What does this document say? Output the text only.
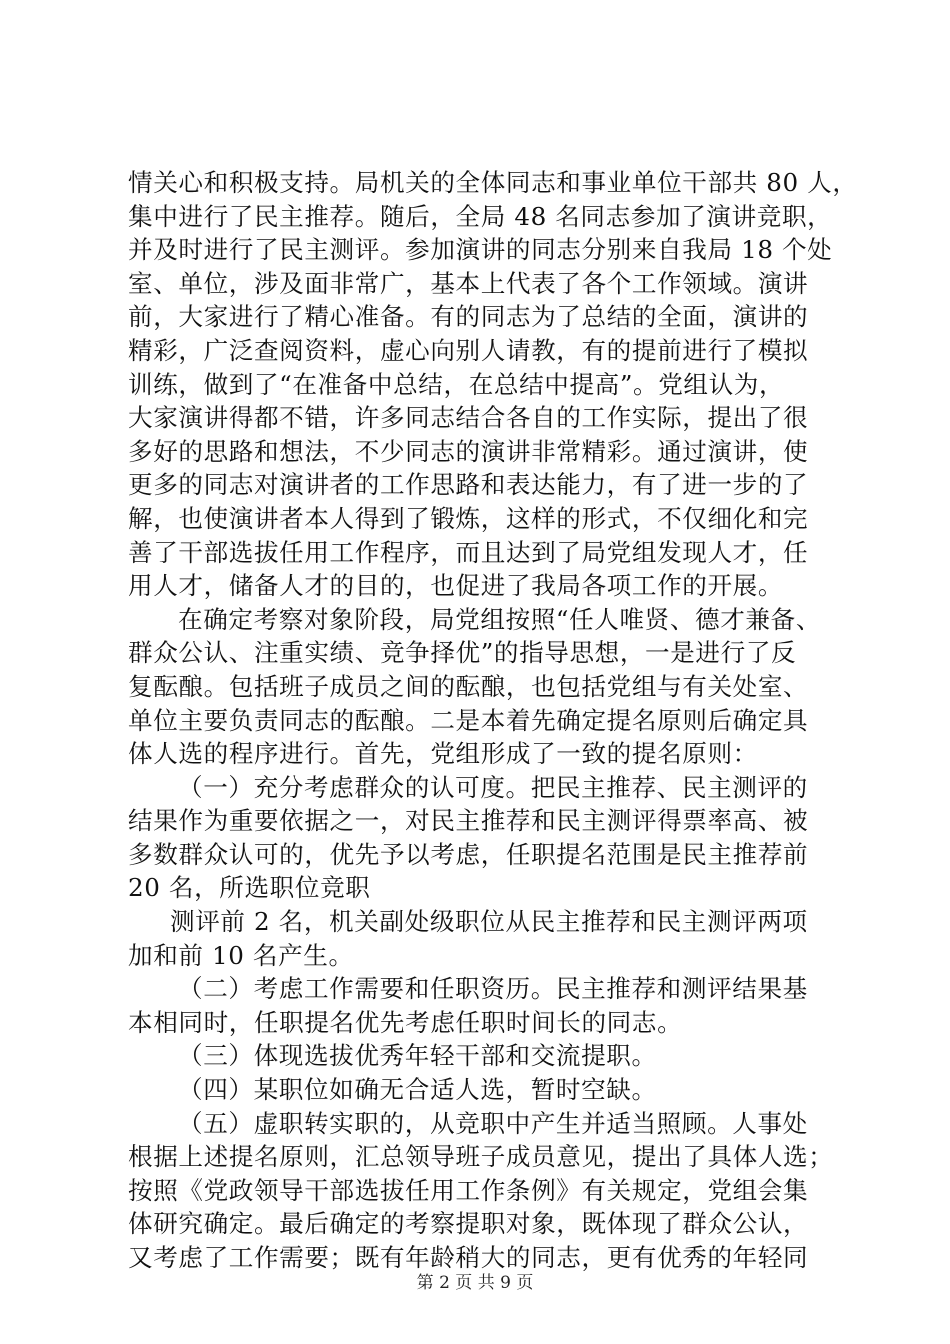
情关心和积极支持。局机关的全体同志和事业单位干部共 80 人，
集中进行了民主推荐。随后，全局 48 名同志参加了演讲竞职，
并及时进行了民主测评。参加演讲的同志分别来自我局 18 个处
室、单位，涉及面非常广，基本上代表了各个工作领域。演讲
前，大家进行了精心准备。有的同志为了总结的全面，演讲的
精彩，广泛查阅资料，虚心向别人请教，有的提前进行了模拟
训练，做到了“在准备中总结，在总结中提高”。党组认为，
大家演讲得都不错，许多同志结合各自的工作实际，提出了很
多好的思路和想法，不少同志的演讲非常精彩。通过演讲，使
更多的同志对演讲者的工作思路和表达能力，有了进一步的了
解，也使演讲者本人得到了锻炼，这样的形式，不仅细化和完
善了干部选拔任用工作程序，而且达到了局党组发现人才，任
用人才，储备人才的目的，也促进了我局各项工作的开展。
在确定考察对象阶段，局党组按照“任人唯贤、德才兼备、
群众公认、注重实绩、竞争择优”的指导思想，一是进行了反
复酝酿。包括班子成员之间的酝酿，也包括党组与有关处室、
单位主要负责同志的酝酿。二是本着先确定提名原则后确定具
体人选的程序进行。首先，党组形成了一致的提名原则：
（一）充分考虑群众的认可度。把民主推荐、民主测评的
结果作为重要依据之一，对民主推荐和民主测评得票率高、被
多数群众认可的，优先予以考虑，任职提名范围是民主推荐前
20 名，所选职位竞职
测评前 2 名，机关副处级职位从民主推荐和民主测评两项
加和前 10 名产生。
（二）考虑工作需要和任职资历。民主推荐和测评结果基
本相同时，任职提名优先考虑任职时间长的同志。
（三）体现选拔优秀年轻干部和交流提职。
（四）某职位如确无合适人选，暂时空缺。
（五）虚职转实职的，从竞职中产生并适当照顾。人事处
根据上述提名原则，汇总领导班子成员意见，提出了具体人选；
按照《党政领导干部选拔任用工作条例》有关规定，党组会集
体研究确定。最后确定的考察提职对象，既体现了群众公认，
又考虑了工作需要；既有年龄稍大的同志，更有优秀的年轻同
第 2 页 共 9 页
